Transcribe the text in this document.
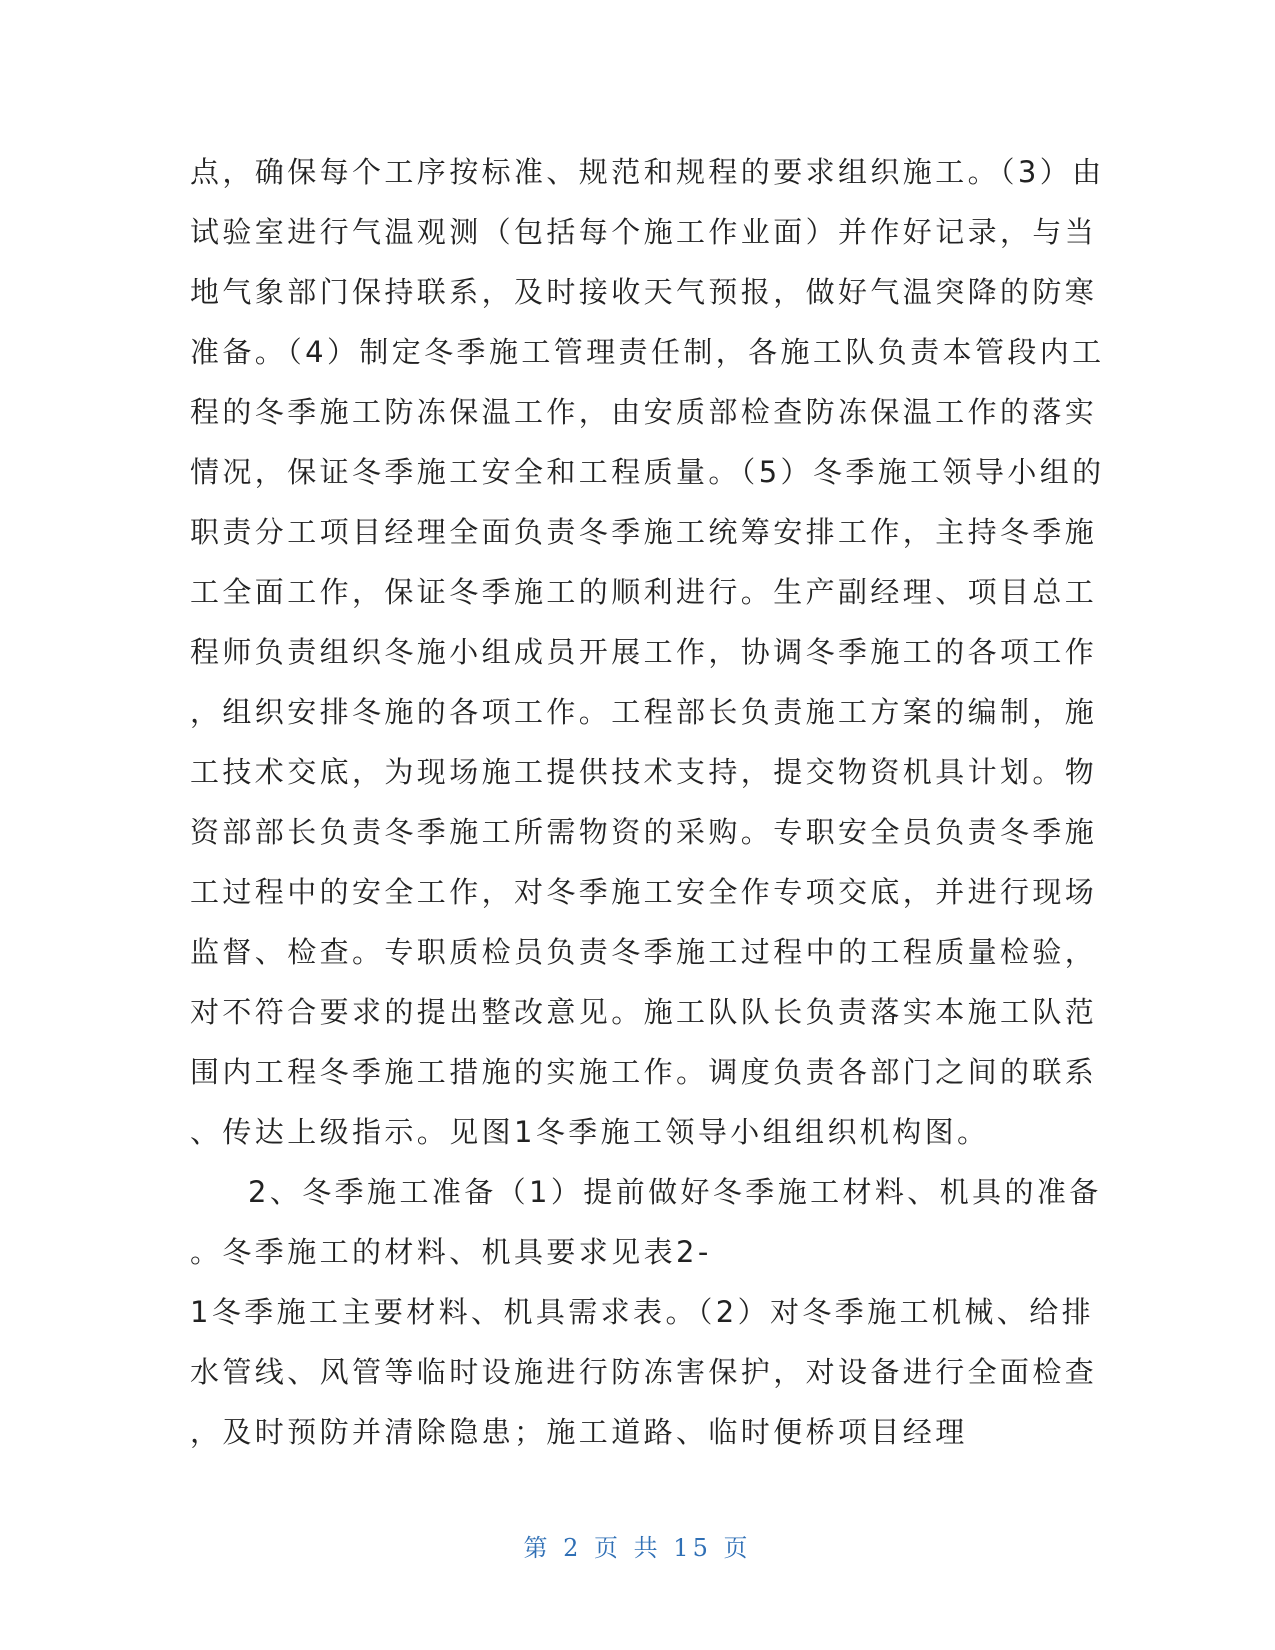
点，确保每个工序按标准、规范和规程的要求组织施工。（3）由
试验室进行气温观测（包括每个施工作业面）并作好记录，与当
地气象部门保持联系，及时接收天气预报，做好气温突降的防寒
准备。（4）制定冬季施工管理责任制，各施工队负责本管段内工
程的冬季施工防冻保温工作，由安质部检查防冻保温工作的落实
情况，保证冬季施工安全和工程质量。（5）冬季施工领导小组的
职责分工项目经理全面负责冬季施工统筹安排工作，主持冬季施
工全面工作，保证冬季施工的顺利进行。生产副经理、项目总工
程师负责组织冬施小组成员开展工作，协调冬季施工的各项工作
，组织安排冬施的各项工作。工程部长负责施工方案的编制，施
工技术交底，为现场施工提供技术支持，提交物资机具计划。物
资部部长负责冬季施工所需物资的采购。专职安全员负责冬季施
工过程中的安全工作，对冬季施工安全作专项交底，并进行现场
监督、检查。专职质检员负责冬季施工过程中的工程质量检验，
对不符合要求的提出整改意见。施工队队长负责落实本施工队范
围内工程冬季施工措施的实施工作。调度负责各部门之间的联系
、传达上级指示。见图1冬季施工领导小组组织机构图。
2、冬季施工准备（1）提前做好冬季施工材料、机具的准备
。冬季施工的材料、机具要求见表2-
1冬季施工主要材料、机具需求表。（2）对冬季施工机械、给排
水管线、风管等临时设施进行防冻害保护，对设备进行全面检查
，及时预防并清除隐患；施工道路、临时便桥项目经理
第 2 页 共 15 页
